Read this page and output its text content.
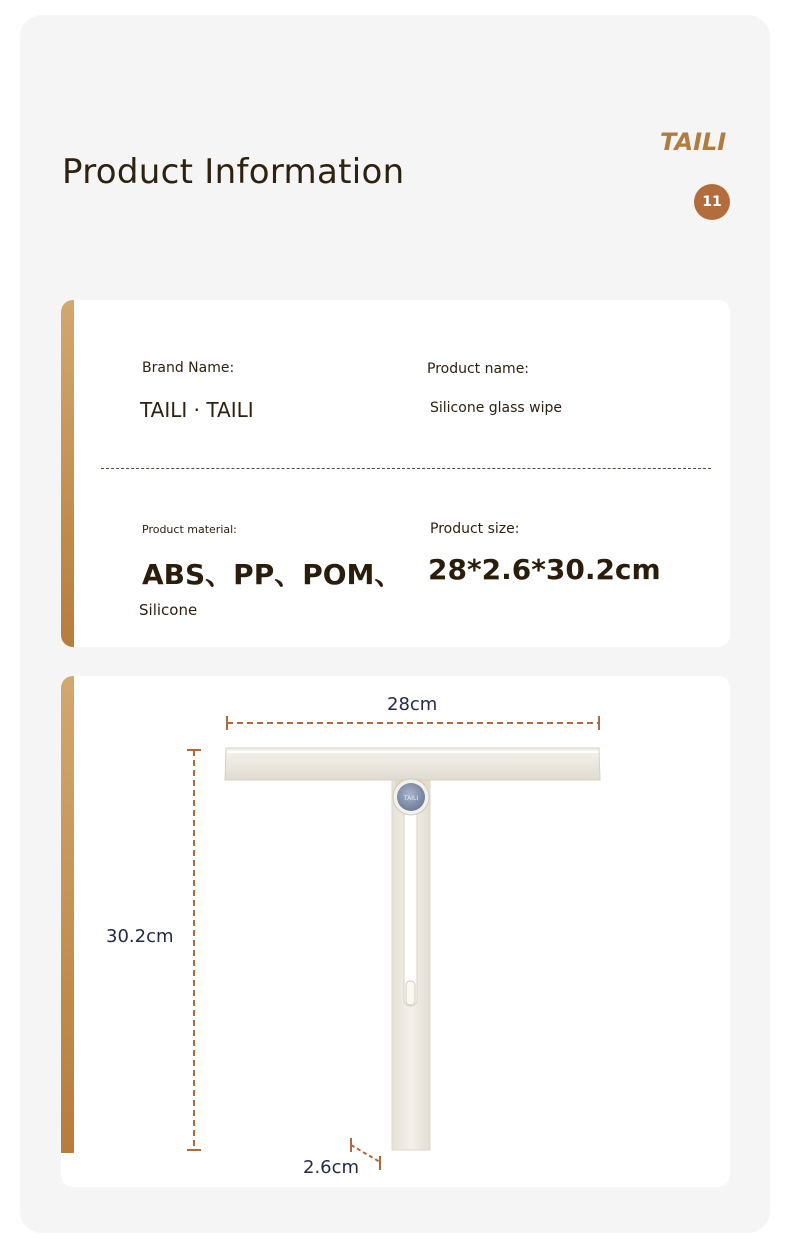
Product Information
TAILI
11
Brand Name:
TAILI · TAILI
Product name:
Silicone glass wipe
Product material:
ABS、PP、POM、
Silicone
Product size:
28*2.6*30.2cm
TAILI
28cm
30.2cm
2.6cm
